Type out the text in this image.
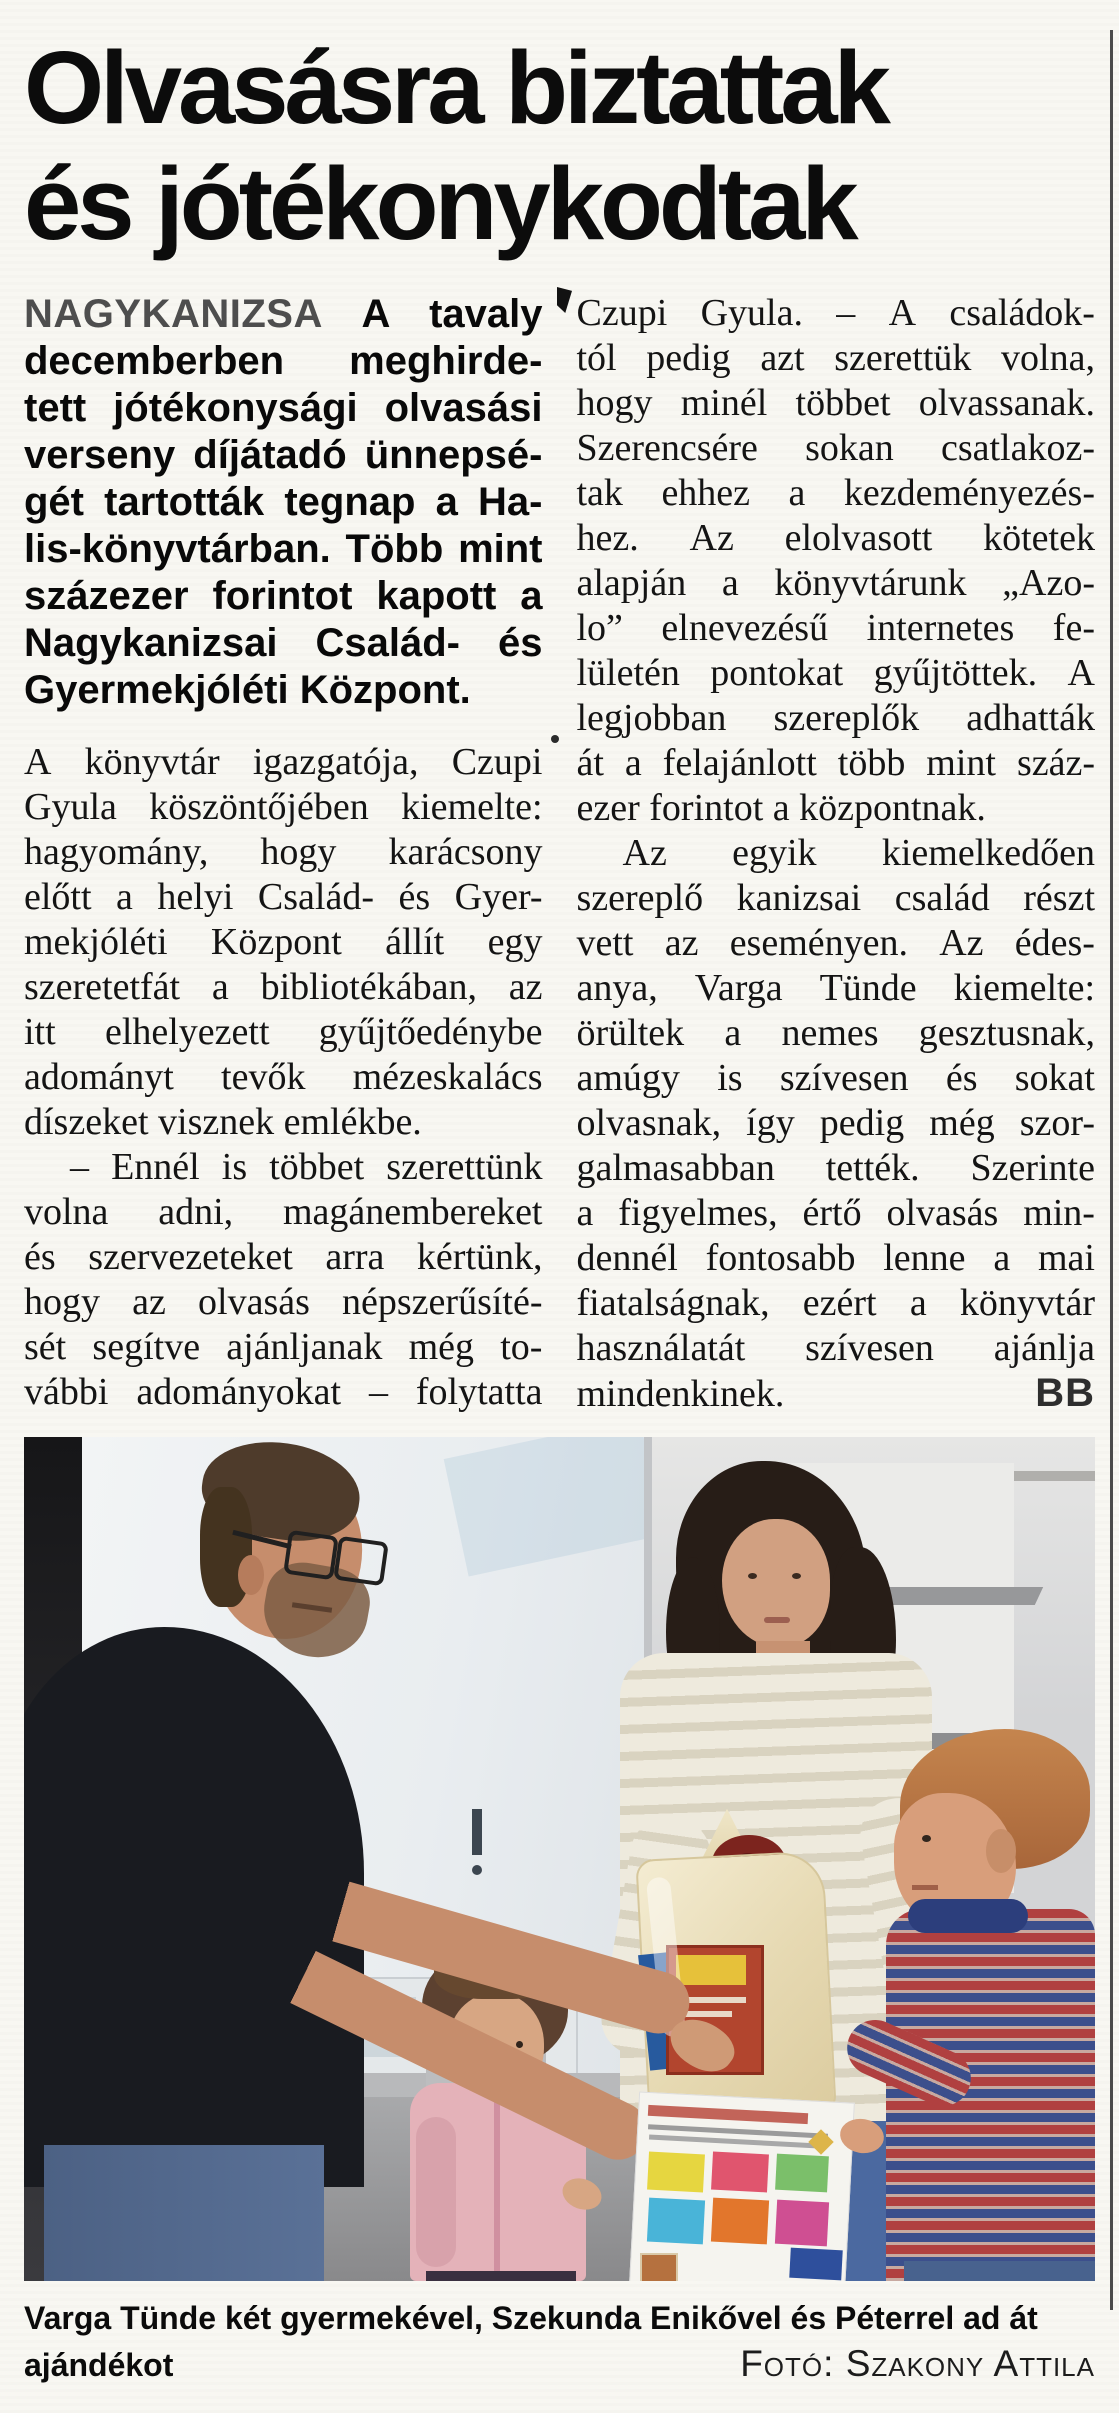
Olvasásra biztattak
és jótékonykodtak
NAGYKANIZSA A tavaly
decemberben meghirde-
tett jótékonysági olvasási
verseny díjátadó ünnepsé-
gét tartották tegnap a Ha-
lis-könyvtárban. Több mint
százezer forintot kapott a
Nagykanizsai Család- és
Gyermekjóléti Központ.
A könyvtár igazgatója, Czupi
Gyula köszöntőjében kiemelte:
hagyomány, hogy karácsony
előtt a helyi Család- és Gyer-
mekjóléti Központ állít egy
szeretetfát a bibliotékában, az
itt elhelyezett gyűjtőedénybe
adományt tevők mézeskalács
díszeket visznek emlékbe.
– Ennél is többet szerettünk
volna adni, magánembereket
és szervezeteket arra kértünk,
hogy az olvasás népszerűsíté-
sét segítve ajánljanak még to-
vábbi adományokat – folytatta
Czupi Gyula. – A családok-
tól pedig azt szerettük volna,
hogy minél többet olvassanak.
Szerencsére sokan csatlakoz-
tak ehhez a kezdeményezés-
hez. Az elolvasott kötetek
alapján a könyvtárunk „Azo-
lo” elnevezésű internetes fe-
lületén pontokat gyűjtöttek. A
legjobban szereplők adhatták
át a felajánlott több mint száz-
ezer forintot a központnak.
Az egyik kiemelkedően
szereplő kanizsai család részt
vett az eseményen. Az édes-
anya, Varga Tünde kiemelte:
örültek a nemes gesztusnak,
amúgy is szívesen és sokat
olvasnak, így pedig még szor-
galmasabban tették. Szerinte
a figyelmes, értő olvasás min-
dennél fontosabb lenne a mai
fiatalságnak, ezért a könyvtár
használatát szívesen ajánlja
mindenkinek.	BB
Varga Tünde két gyermekével, Szekunda Enikővel és Péterrel ad át
ajándékot	Fotó: Szakony Attila
